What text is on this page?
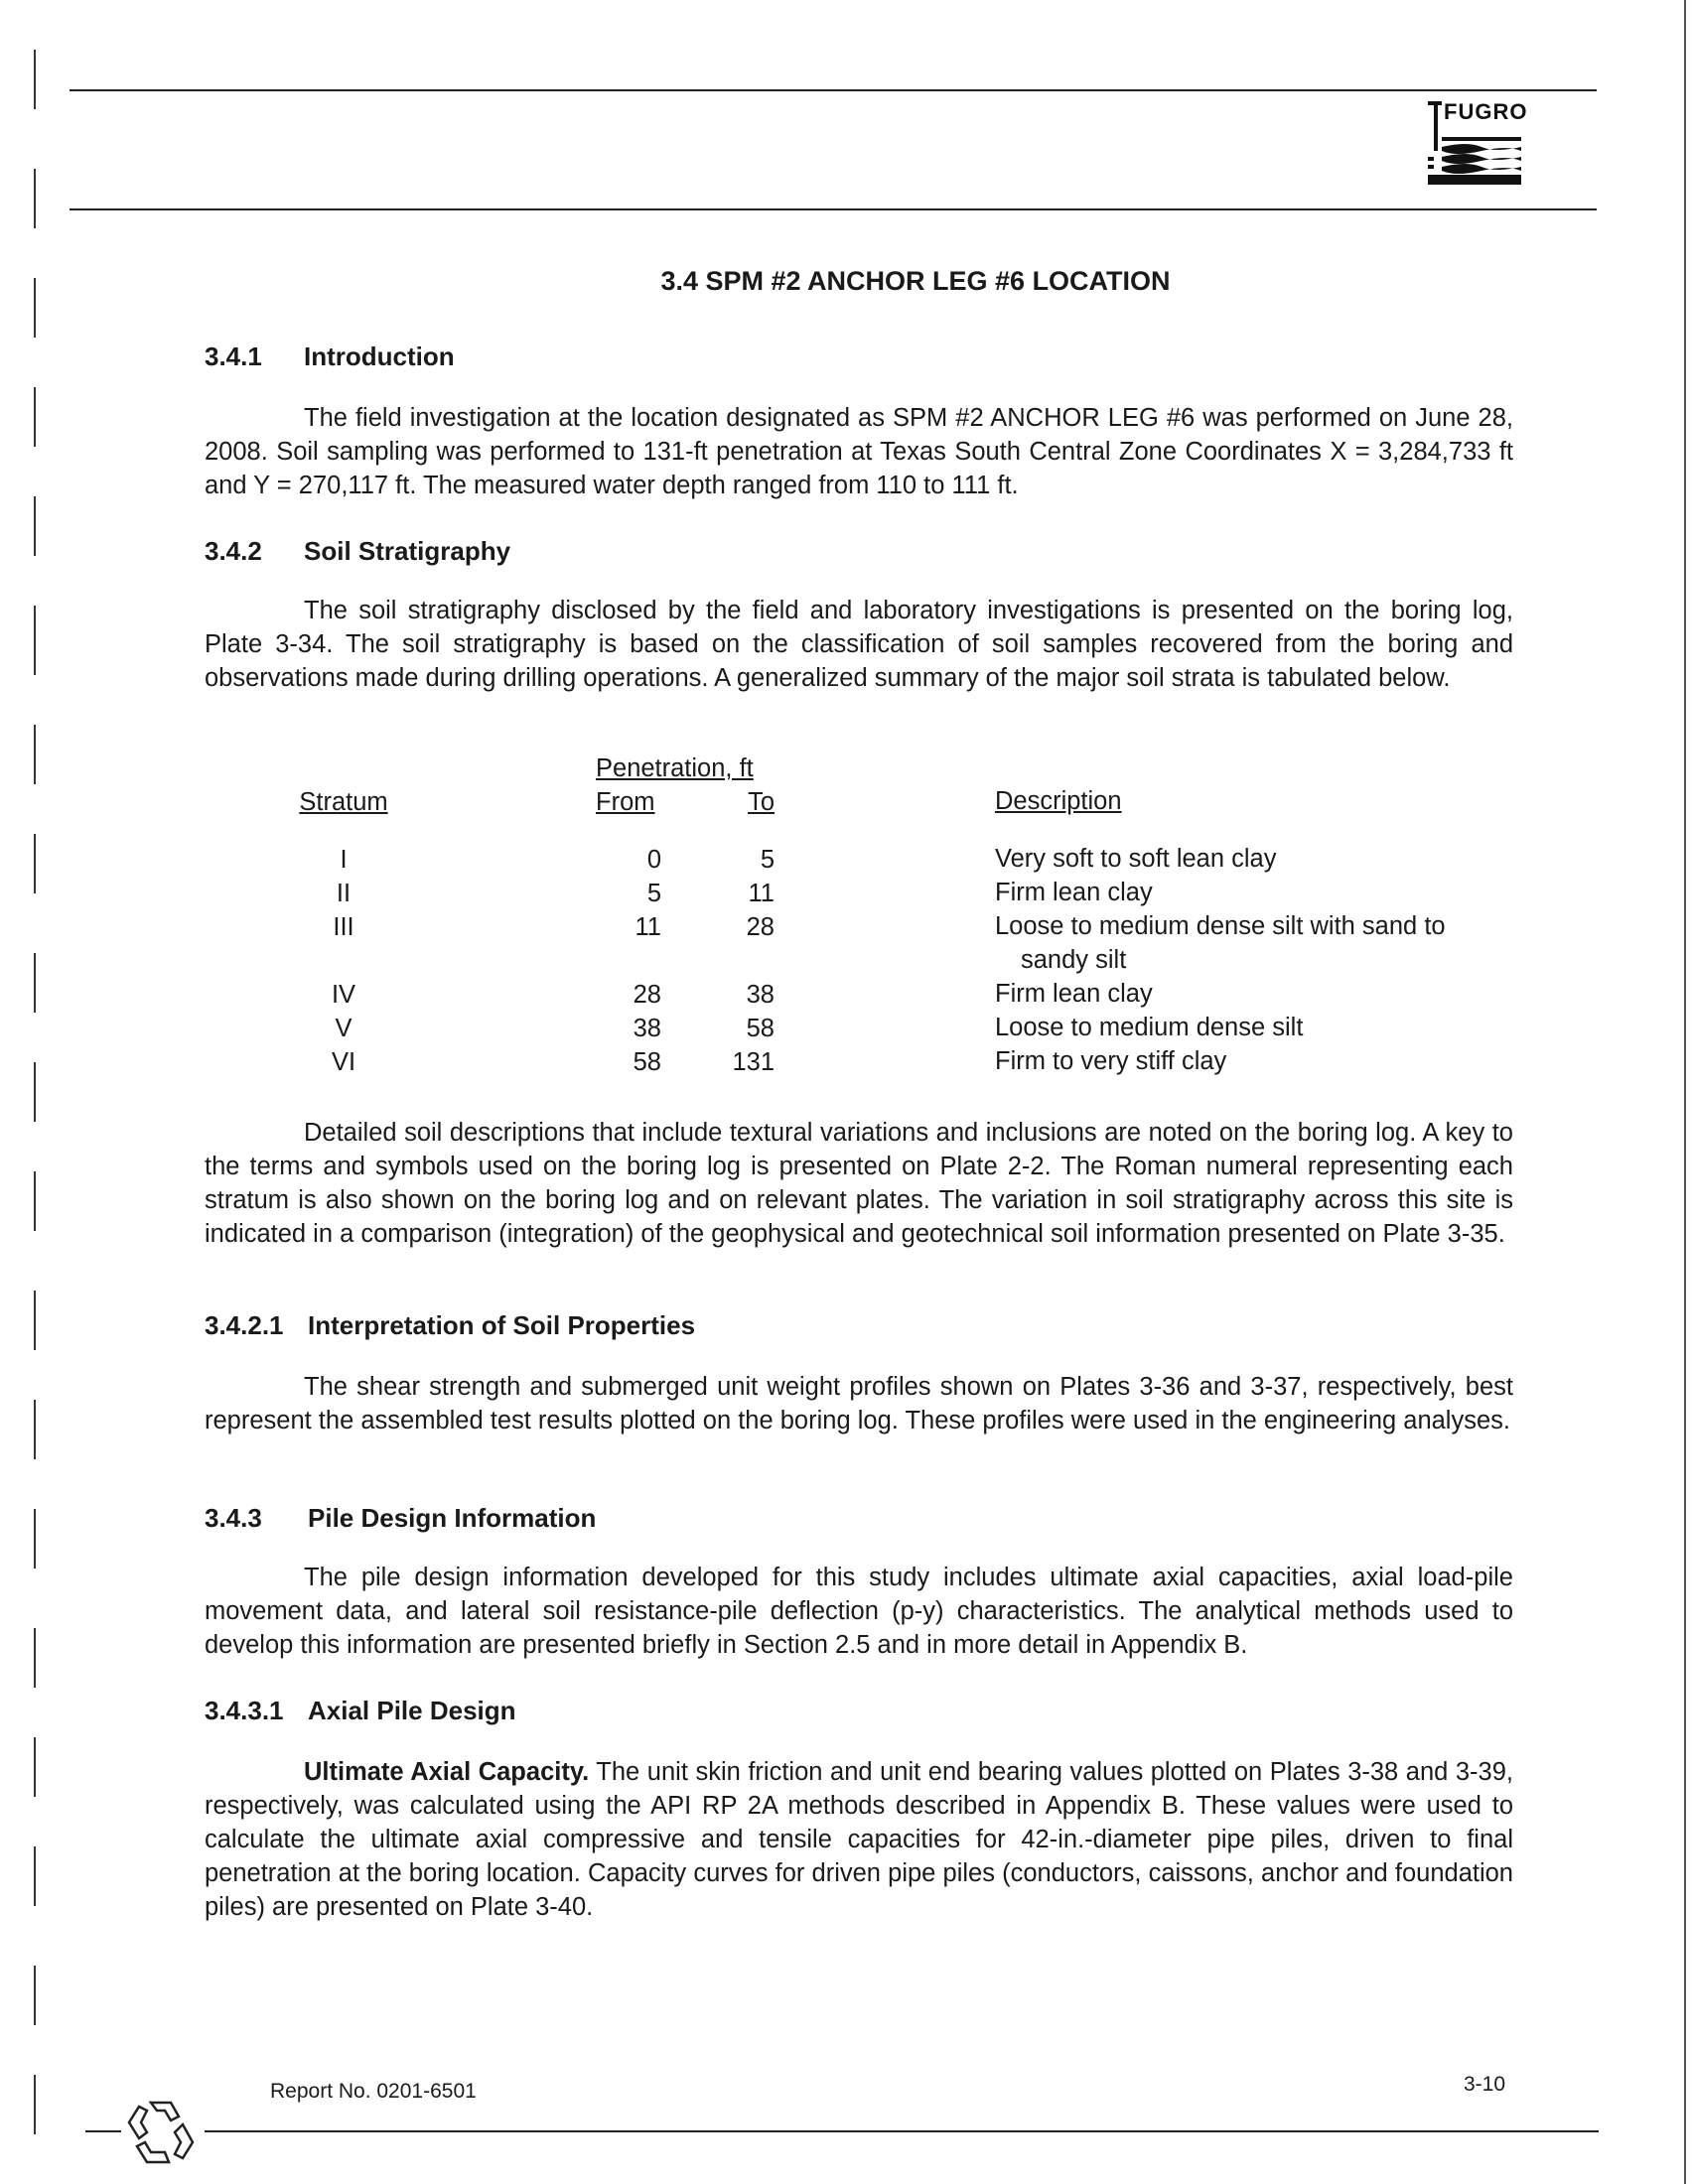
FUGRO
3.4 SPM #2 ANCHOR LEG #6 LOCATION
3.4.1 Introduction

The field investigation at the location designated as SPM #2 ANCHOR LEG #6 was performed on June 28, 2008. Soil sampling was performed to 131-ft penetration at Texas South Central Zone Coordinates X = 3,284,733 ft and Y = 270,117 ft. The measured water depth ranged from 110 to 111 ft.

3.4.2 Soil Stratigraphy

The soil stratigraphy disclosed by the field and laboratory investigations is presented on the boring log, Plate 3-34. The soil stratigraphy is based on the classification of soil samples recovered from the boring and observations made during drilling operations. A generalized summary of the major soil strata is tabulated below.

Penetration, ft
Stratum	From	To	Description
I	0	5	Very soft to soft lean clay
II	5	11	Firm lean clay
III	11	28	Loose to medium dense silt with sand to
sandy silt
IV	28	38	Firm lean clay
V	38	58	Loose to medium dense silt
VI	58	131	Firm to very stiff clay

Detailed soil descriptions that include textural variations and inclusions are noted on the boring log. A key to the terms and symbols used on the boring log is presented on Plate 2-2. The Roman numeral representing each stratum is also shown on the boring log and on relevant plates. The variation in soil stratigraphy across this site is indicated in a comparison (integration) of the geophysical and geotechnical soil information presented on Plate 3-35.

3.4.2.1 Interpretation of Soil Properties

The shear strength and submerged unit weight profiles shown on Plates 3-36 and 3-37, respectively, best represent the assembled test results plotted on the boring log. These profiles were used in the engineering analyses.

3.4.3 Pile Design Information

The pile design information developed for this study includes ultimate axial capacities, axial load-pile movement data, and lateral soil resistance-pile deflection (p-y) characteristics. The analytical methods used to develop this information are presented briefly in Section 2.5 and in more detail in Appendix B.

3.4.3.1 Axial Pile Design

Ultimate Axial Capacity. The unit skin friction and unit end bearing values plotted on Plates 3-38 and 3-39, respectively, was calculated using the API RP 2A methods described in Appendix B. These values were used to calculate the ultimate axial compressive and tensile capacities for 42-in.-diameter pipe piles, driven to final penetration at the boring location. Capacity curves for driven pipe piles (conductors, caissons, anchor and foundation piles) are presented on Plate 3-40.

Report No. 0201-6501	3-10
